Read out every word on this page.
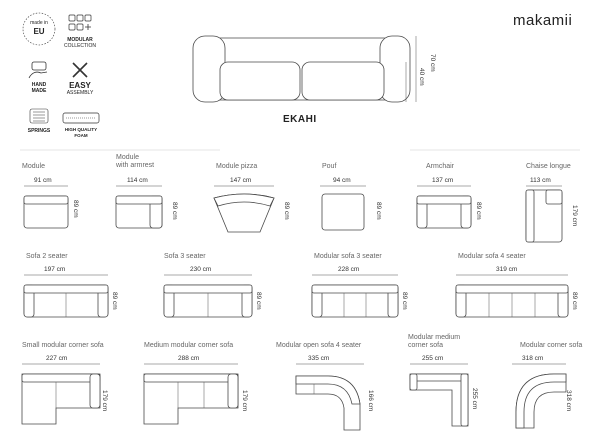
makamii
EKAHI
made in
EU
MODULAR
COLLECTION
HAND
MADE
EASY
ASSEMBLY
SPRINGS	HIGH QUALITY
FOAM
70 cm
40 cm
Module
91 cm
89 cm
Module
with armrest
114 cm
89 cm
Module pizza
147 cm
89 cm
Pouf
94 cm
89 cm
Armchair
137 cm
89 cm
Chaise longue
113 cm
179 cm
Sofa 2 seater
197 cm
89 cm
Sofa 3 seater
230 cm
89 cm
Modular sofa 3 seater
228 cm
89 cm
Modular sofa 4 seater
319 cm
89 cm
Small modular corner sofa
227 cm
179 cm
Medium modular corner sofa
288 cm
179 cm
Modular open sofa 4 seater
335 cm
166 cm
Modular medium
corner sofa
255 cm
255 cm
Modular corner sofa
318 cm
318 cm
